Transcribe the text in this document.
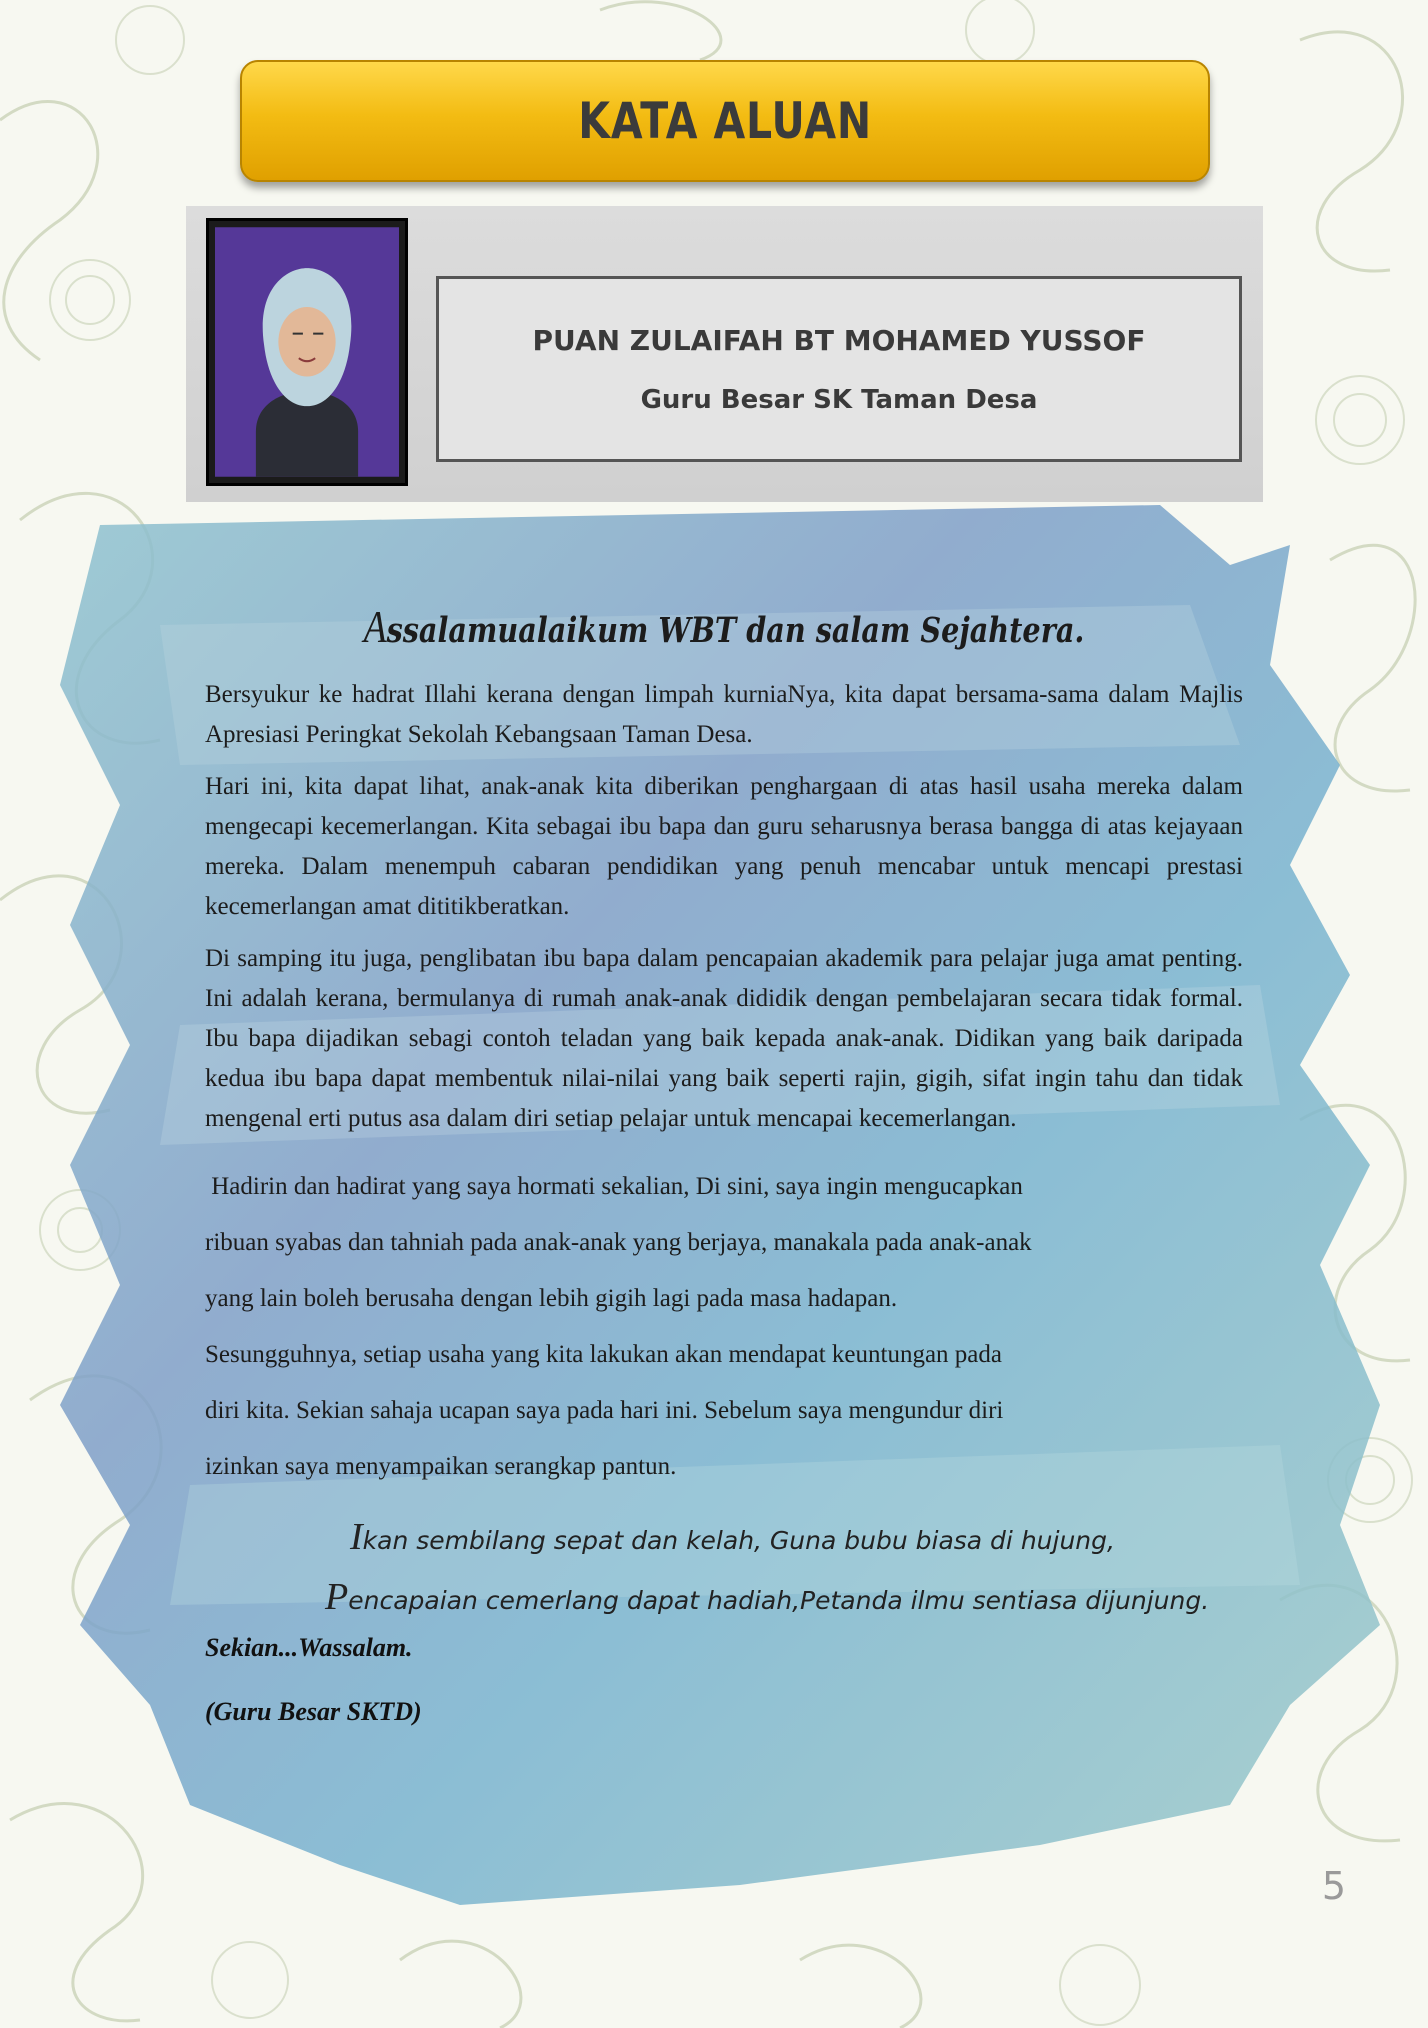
KATA ALUAN
PUAN ZULAIFAH BT MOHAMED YUSSOF
Guru Besar SK Taman Desa

Assalamualaikum WBT dan salam Sejahtera.

Bersyukur ke hadrat Illahi kerana dengan limpah kurniaNya, kita dapat bersama-sama dalam Majlis Apresiasi Peringkat Sekolah Kebangsaan Taman Desa.

Hari ini, kita dapat lihat, anak-anak kita diberikan penghargaan di atas hasil usaha mereka dalam mengecapi kecemerlangan. Kita sebagai ibu bapa dan guru seharusnya berasa bangga di atas kejayaan mereka. Dalam menempuh cabaran pendidikan yang penuh mencabar untuk mencapi prestasi kecemerlangan amat dititikberatkan.

Di samping itu juga, penglibatan ibu bapa dalam pencapaian akademik para pelajar juga amat penting. Ini adalah kerana, bermulanya di rumah anak-anak dididik dengan pembelajaran secara tidak formal. Ibu bapa dijadikan sebagi contoh teladan yang baik kepada anak-anak. Didikan yang baik daripada kedua ibu bapa dapat membentuk nilai-nilai yang baik seperti rajin, gigih, sifat ingin tahu dan tidak mengenal erti putus asa dalam diri setiap pelajar untuk mencapai kecemerlangan.

Hadirin dan hadirat yang saya hormati sekalian, Di sini, saya ingin mengucapkan

ribuan syabas dan tahniah pada anak-anak yang berjaya, manakala pada anak-anak

yang lain boleh berusaha dengan lebih gigih lagi pada masa hadapan.

Sesungguhnya, setiap usaha yang kita lakukan akan mendapat keuntungan pada

diri kita. Sekian sahaja ucapan saya pada hari ini. Sebelum saya mengundur diri

izinkan saya menyampaikan serangkap pantun.

Ikan sembilang sepat dan kelah, Guna bubu biasa di hujung,

Pencapaian cemerlang dapat hadiah,Petanda ilmu sentiasa dijunjung.

Sekian...Wassalam.

(Guru Besar SKTD)

5
